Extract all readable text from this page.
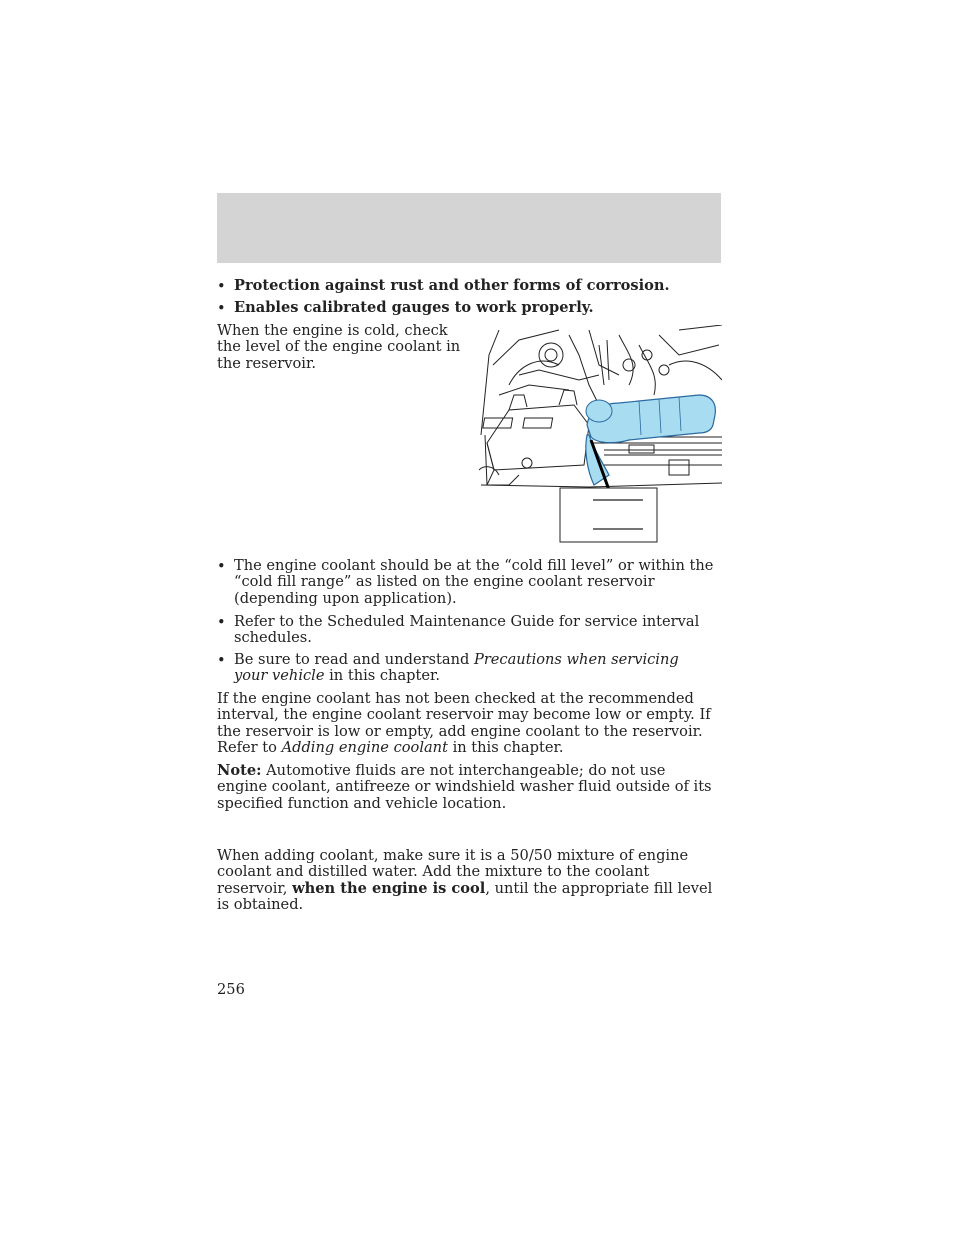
• Protection against rust and other forms of corrosion.
• Enables calibrated gauges to work properly.

When the engine is cold, check the level of the engine coolant in the reservoir.

• The engine coolant should be at the “cold fill level” or within the “cold fill range” as listed on the engine coolant reservoir (depending upon application).
• Refer to the Scheduled Maintenance Guide for service interval schedules.
• Be sure to read and understand Precautions when servicing your vehicle in this chapter.

If the engine coolant has not been checked at the recommended interval, the engine coolant reservoir may become low or empty. If the reservoir is low or empty, add engine coolant to the reservoir. Refer to Adding engine coolant in this chapter.

Note: Automotive fluids are not interchangeable; do not use engine coolant, antifreeze or windshield washer fluid outside of its specified function and vehicle location.

When adding coolant, make sure it is a 50/50 mixture of engine coolant and distilled water. Add the mixture to the coolant reservoir, when the engine is cool, until the appropriate fill level is obtained.

256
